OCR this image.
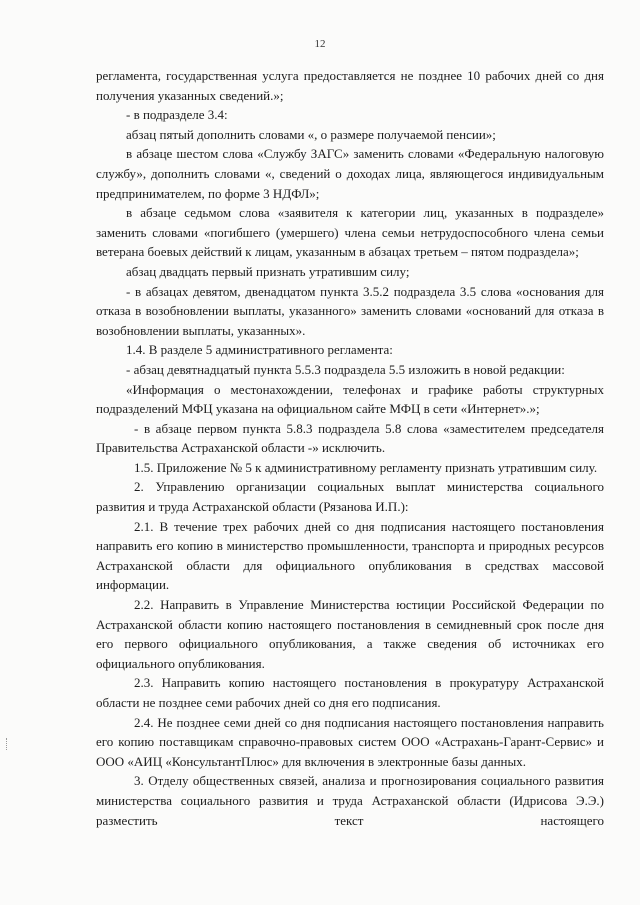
12

регламента, государственная услуга предоставляется не позднее 10 рабочих дней со дня получения указанных сведений.»;

- в подразделе 3.4:

абзац пятый дополнить словами «, о размере получаемой пенсии»;

в абзаце шестом слова «Службу ЗАГС» заменить словами «Федеральную налоговую службу», дополнить словами «, сведений о доходах лица, являющегося индивидуальным предпринимателем, по форме 3 НДФЛ»;

в абзаце седьмом слова «заявителя к категории лиц, указанных в подразделе» заменить словами «погибшего (умершего) члена семьи нетрудоспособного члена семьи ветерана боевых действий к лицам, указанным в абзацах третьем – пятом подраздела»;

абзац двадцать первый признать утратившим силу;

- в абзацах девятом, двенадцатом пункта 3.5.2 подраздела 3.5 слова «основания для отказа в возобновлении выплаты, указанного» заменить словами «оснований для отказа в возобновлении выплаты, указанных».

1.4. В разделе 5 административного регламента:

- абзац девятнадцатый пункта 5.5.3 подраздела 5.5 изложить в новой редакции:

«Информация о местонахождении, телефонах и графике работы структурных подразделений МФЦ указана на официальном сайте МФЦ в сети «Интернет».»;

- в абзаце первом пункта 5.8.3 подраздела 5.8 слова «заместителем председателя Правительства Астраханской области -» исключить.

1.5. Приложение № 5 к административному регламенту признать утратившим силу.

2. Управлению организации социальных выплат министерства социального развития и труда Астраханской области (Рязанова И.П.):

2.1. В течение трех рабочих дней со дня подписания настоящего постановления направить его копию в министерство промышленности, транспорта и природных ресурсов Астраханской области для официального опубликования в средствах массовой информации.

2.2. Направить в Управление Министерства юстиции Российской Федерации по Астраханской области копию настоящего постановления в семидневный срок после дня его первого официального опубликования, а также сведения об источниках его официального опубликования.

2.3. Направить копию настоящего постановления в прокуратуру Астраханской области не позднее семи рабочих дней со дня его подписания.

2.4. Не позднее семи дней со дня подписания настоящего постановления направить его копию поставщикам справочно-правовых систем ООО «Астрахань-Гарант-Сервис» и ООО «АИЦ «КонсультантПлюс» для включения в электронные базы данных.

3. Отделу общественных связей, анализа и прогнозирования социального развития министерства социального развития и труда Астраханской области (Идрисова Э.Э.) разместить текст настоящего
